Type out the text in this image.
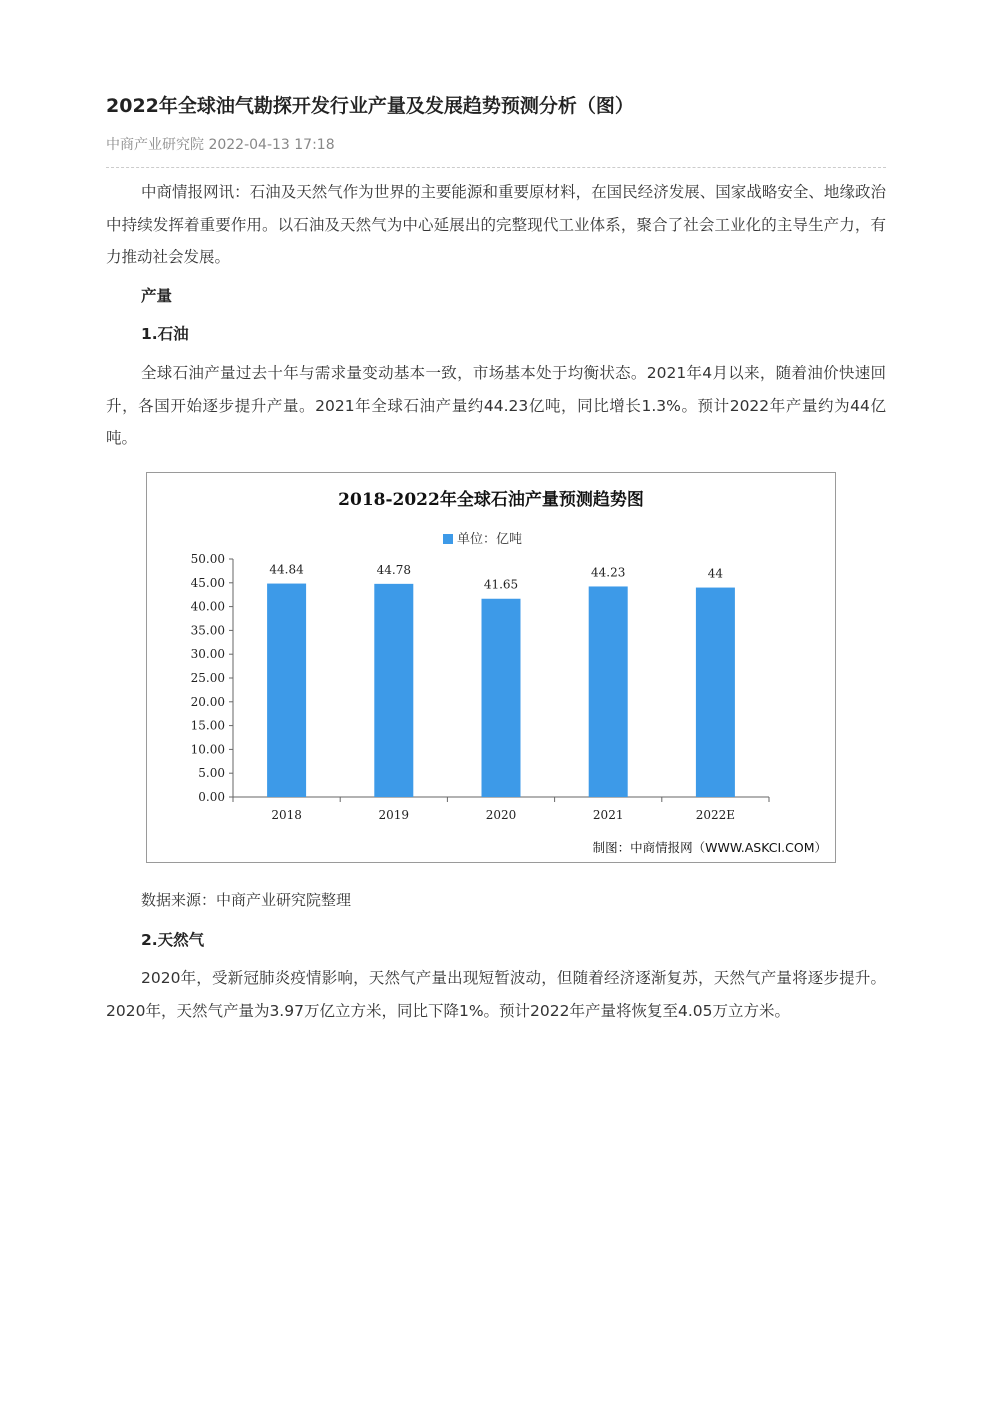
2022年全球油气勘探开发行业产量及发展趋势预测分析（图）
中商产业研究院 2022-04-13 17:18
中商情报网讯：石油及天然气作为世界的主要能源和重要原材料，在国民经济发展、国家战略安全、地缘政治中持续发挥着重要作用。以石油及天然气为中心延展出的完整现代工业体系，聚合了社会工业化的主导生产力，有力推动社会发展。
产量
1.石油
全球石油产量过去十年与需求量变动基本一致，市场基本处于均衡状态。2021年4月以来，随着油价快速回升，各国开始逐步提升产量。2021年全球石油产量约44.23亿吨，同比增长1.3%。预计2022年产量约为44亿吨。
2018-2022年全球石油产量预测趋势图
单位：亿吨
0.00
5.00
10.00
15.00
20.00
25.00
30.00
35.00
40.00
45.00
50.00
44.84
2018
44.78
2019
41.65
2020
44.23
2021
44
2022E
制图：中商情报网（WWW.ASKCI.COM）
数据来源：中商产业研究院整理
2.天然气
2020年，受新冠肺炎疫情影响，天然气产量出现短暂波动，但随着经济逐渐复苏，天然气产量将逐步提升。2020年，天然气产量为3.97万亿立方米，同比下降1%。预计2022年产量将恢复至4.05万立方米。
